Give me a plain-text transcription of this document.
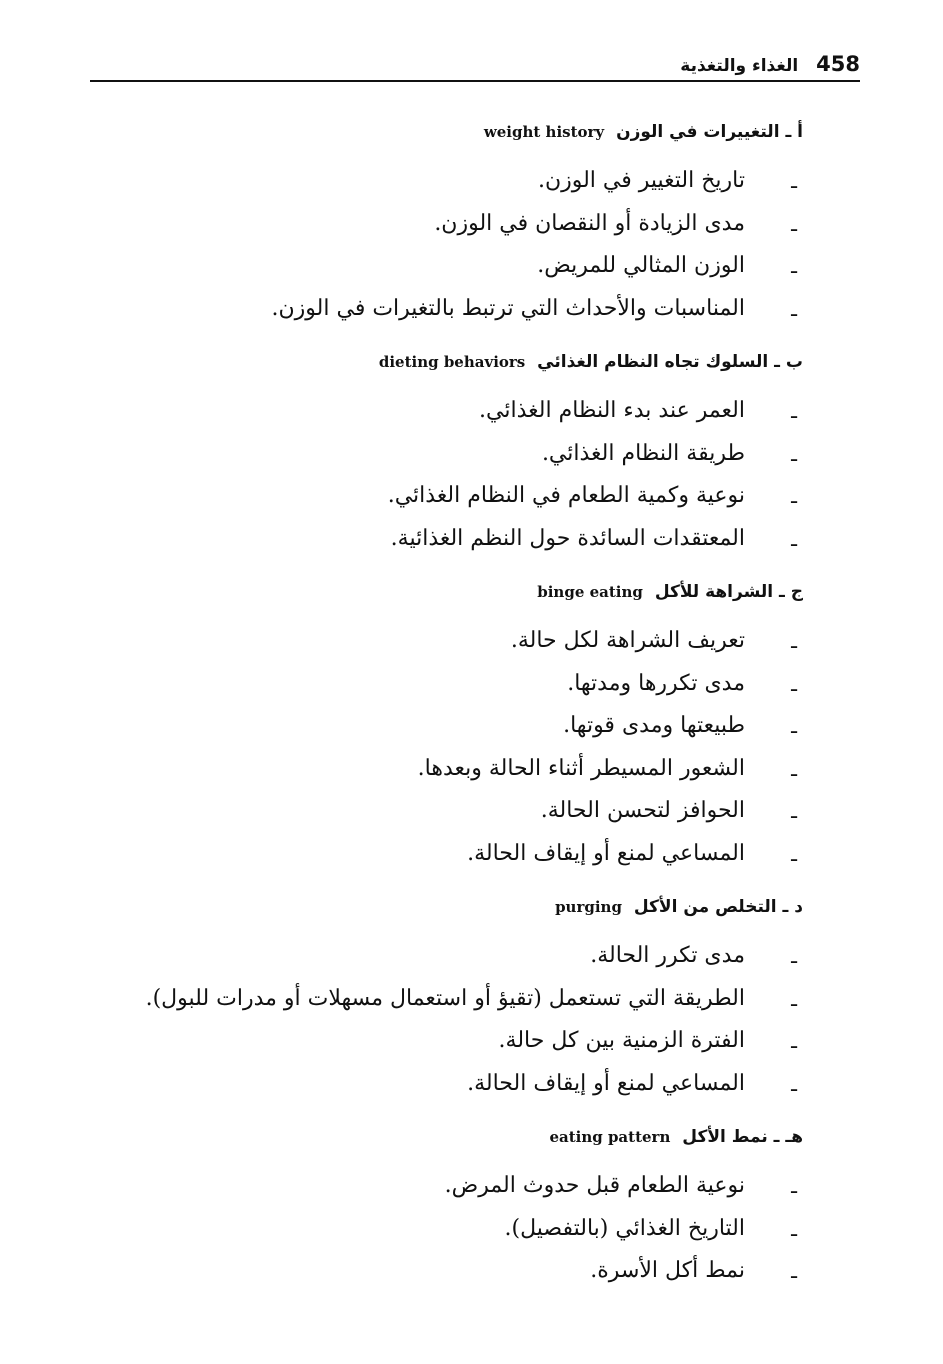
458
الغذاء والتغذية
أ ـ التغييرات في الوزن weight history
ـ
تاريخ التغيير في الوزن.
ـ
مدى الزيادة أو النقصان في الوزن.
ـ
الوزن المثالي للمريض.
ـ
المناسبات والأحداث التي ترتبط بالتغيرات في الوزن.
ب ـ السلوك تجاه النظام الغذائي dieting behaviors
ـ
العمر عند بدء النظام الغذائي.
ـ
طريقة النظام الغذائي.
ـ
نوعية وكمية الطعام في النظام الغذائي.
ـ
المعتقدات السائدة حول النظم الغذائية.
ج ـ الشراهة للأكل binge eating
ـ
تعريف الشراهة لكل حالة.
ـ
مدى تكررها ومدتها.
ـ
طبيعتها ومدى قوتها.
ـ
الشعور المسيطر أثناء الحالة وبعدها.
ـ
الحوافز لتحسن الحالة.
ـ
المساعي لمنع أو إيقاف الحالة.
د ـ التخلص من الأكل purging
ـ
مدى تكرر الحالة.
ـ
الطريقة التي تستعمل (تقيؤ أو استعمال مسهلات أو مدرات للبول).
ـ
الفترة الزمنية بين كل حالة.
ـ
المساعي لمنع أو إيقاف الحالة.
هـ ـ نمط الأكل eating pattern
ـ
نوعية الطعام قبل حدوث المرض.
ـ
التاريخ الغذائي (بالتفصيل).
ـ
نمط أكل الأسرة.
